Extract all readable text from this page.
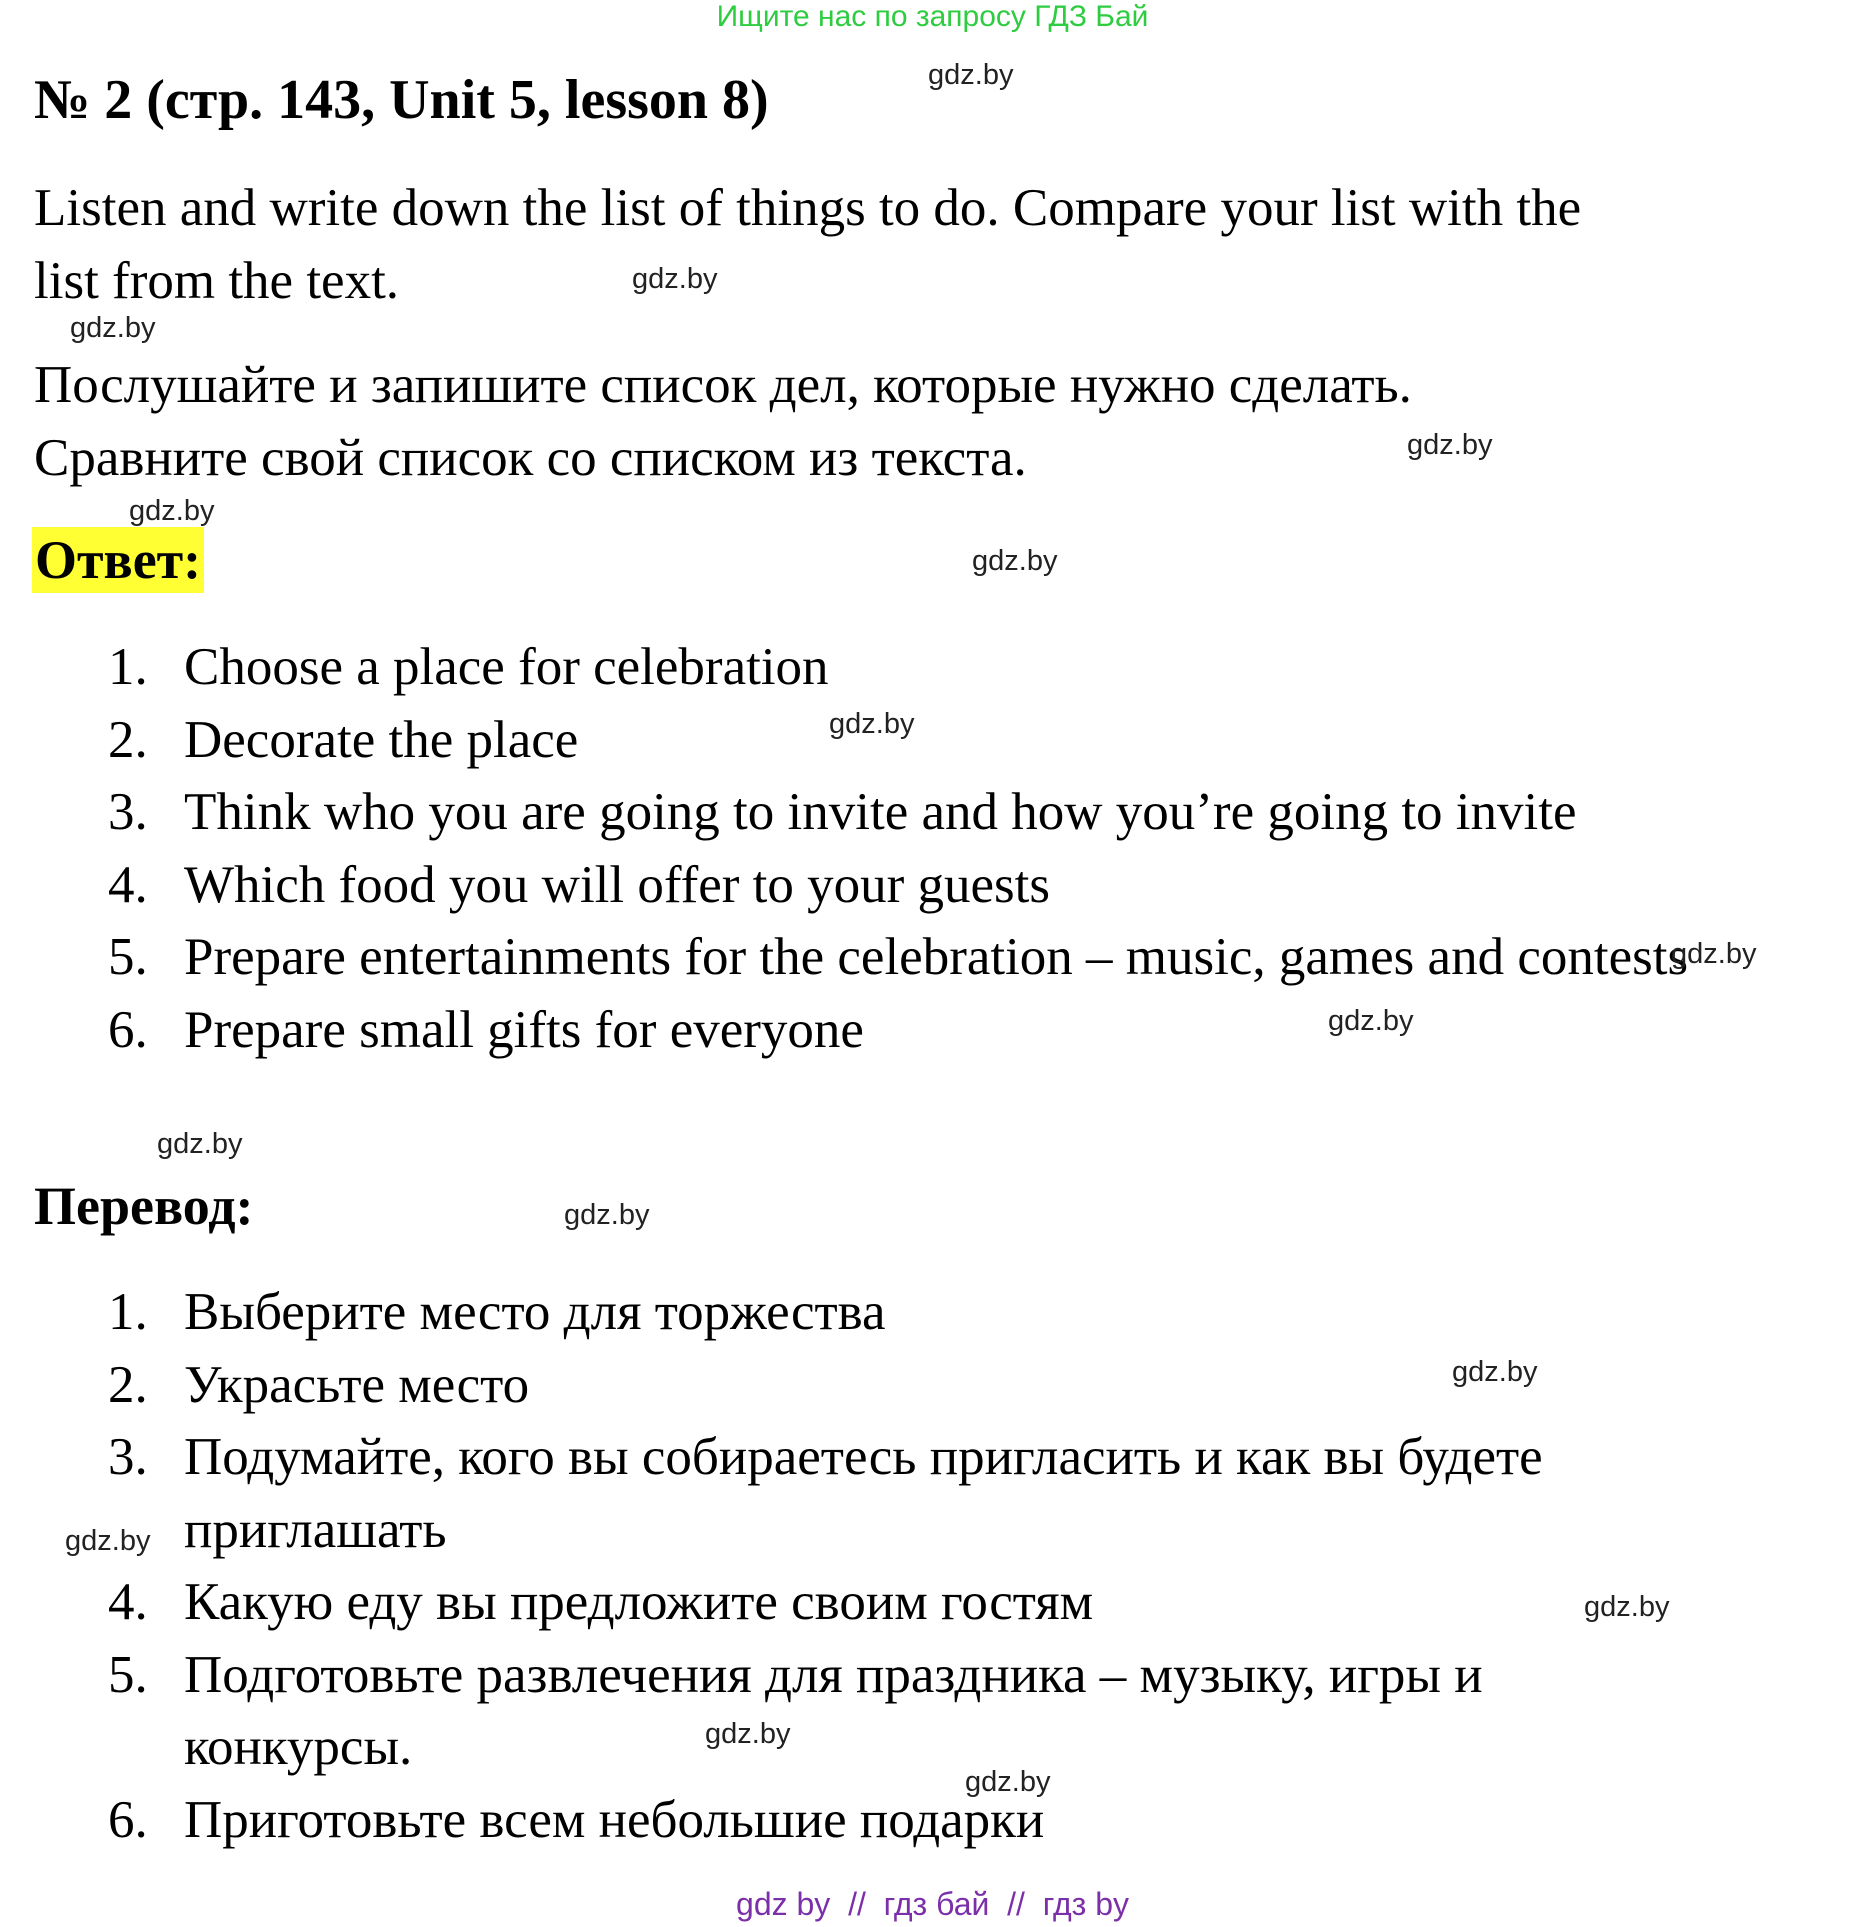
Ищите нас по запросу ГДЗ Бай
№ 2 (стр. 143, Unit 5, lesson 8)
Listen and write down the list of things to do. Compare your list with the
list from the text.
Послушайте и запишите список дел, которые нужно сделать.
Сравните свой список со списком из текста.
Ответ:
1. Choose a place for celebration
2. Decorate the place
3. Think who you are going to invite and how you’re going to invite
4. Which food you will offer to your guests
5. Prepare entertainments for the celebration – music, games and contests
6. Prepare small gifts for everyone
Перевод:
1. Выберите место для торжества
2. Украсьте место
3. Подумайте, кого вы собираетесь пригласить и как вы будете приглашать
4. Какую еду вы предложите своим гостям
5. Подготовьте развлечения для праздника – музыку, игры и конкурсы.
6. Приготовьте всем небольшие подарки
gdz.by
gdz.by
gdz.by
gdz.by
gdz.by
gdz.by
gdz.by
gdz.by
gdz.by
gdz.by
gdz.by
gdz.by
gdz.by
gdz.by
gdz.by
gdz.by
gdz by  //  гдз бай  //  гдз by
